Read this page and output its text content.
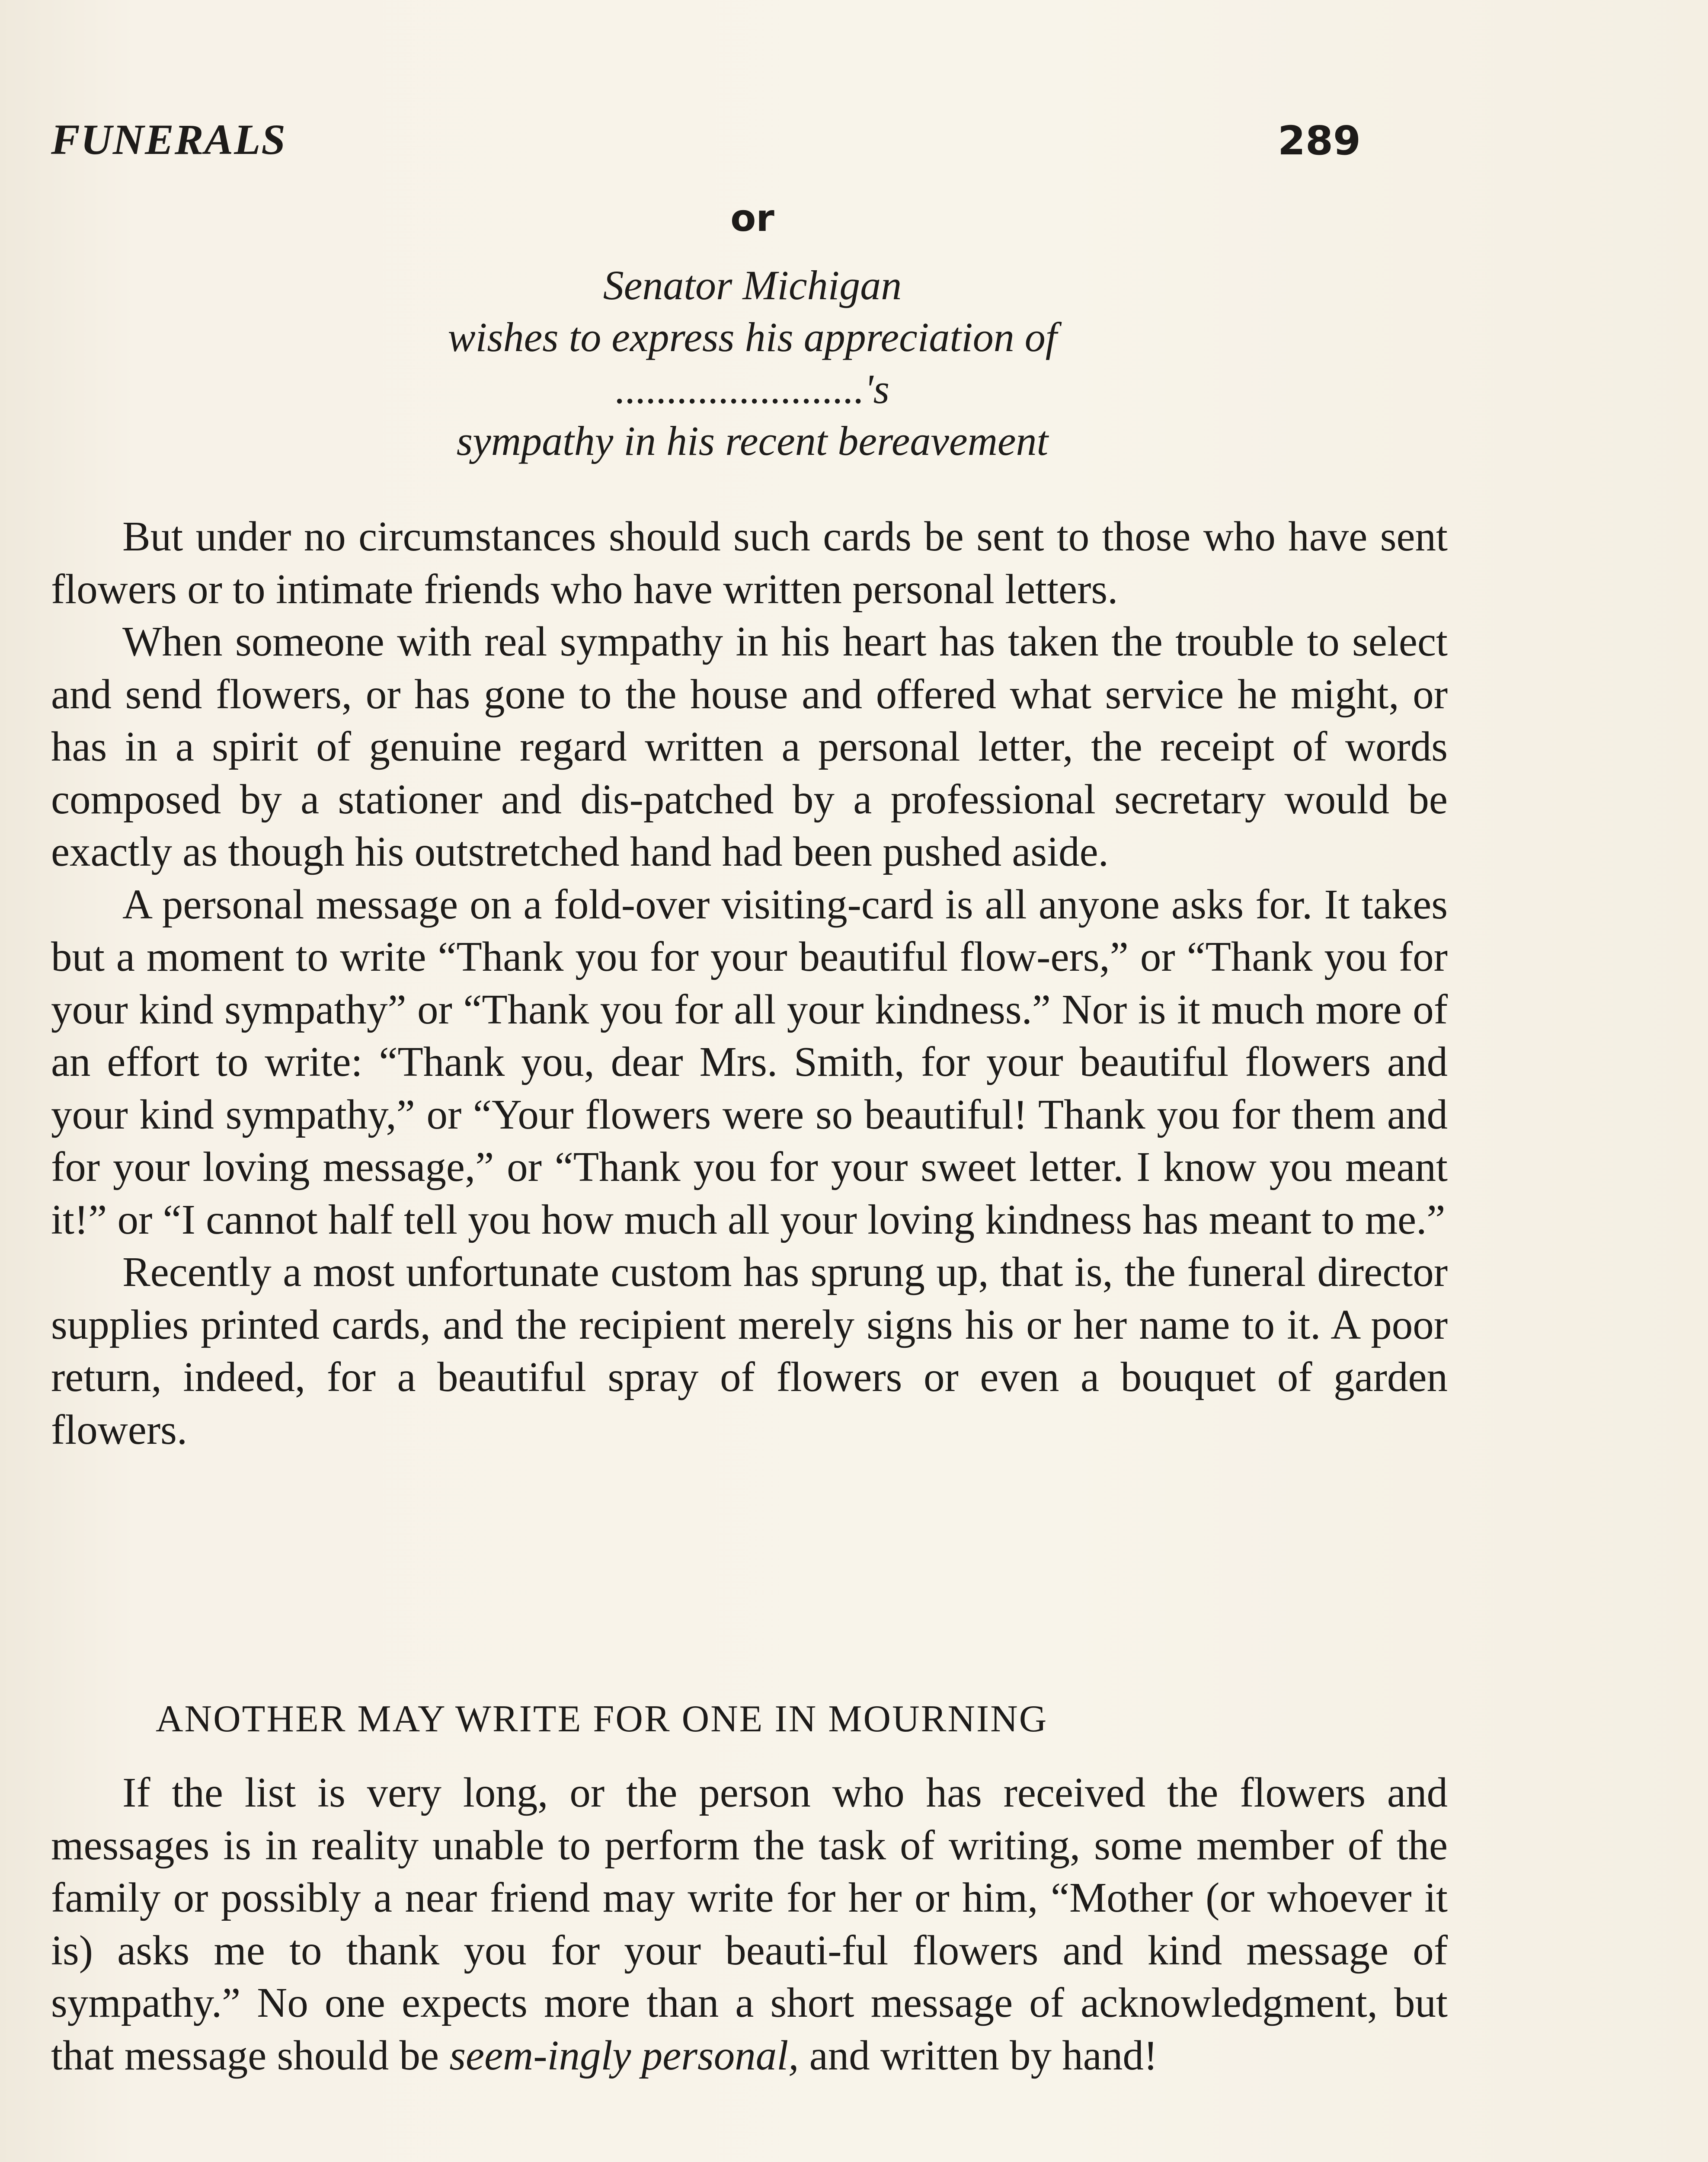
FUNERALS	289
or
Senator Michigan
wishes to express his appreciation of
........................'s
sympathy in his recent bereavement

But under no circumstances should such cards be sent to those who have sent flowers or to intimate friends who have written personal letters.

When someone with real sympathy in his heart has taken the trouble to select and send flowers, or has gone to the house and offered what service he might, or has in a spirit of genuine regard written a personal letter, the receipt of words composed by a stationer and dis-patched by a professional secretary would be exactly as though his outstretched hand had been pushed aside.

A personal message on a fold-over visiting-card is all anyone asks for. It takes but a moment to write “Thank you for your beautiful flow-ers,” or “Thank you for your kind sympathy” or “Thank you for all your kindness.” Nor is it much more of an effort to write: “Thank you, dear Mrs. Smith, for your beautiful flowers and your kind sympathy,” or “Your flowers were so beautiful! Thank you for them and for your loving message,” or “Thank you for your sweet letter. I know you meant it!” or “I cannot half tell you how much all your loving kindness has meant to me.”

Recently a most unfortunate custom has sprung up, that is, the funeral director supplies printed cards, and the recipient merely signs his or her name to it. A poor return, indeed, for a beautiful spray of flowers or even a bouquet of garden flowers.

ANOTHER MAY WRITE FOR ONE IN MOURNING

If the list is very long, or the person who has received the flowers and messages is in reality unable to perform the task of writing, some member of the family or possibly a near friend may write for her or him, “Mother (or whoever it is) asks me to thank you for your beauti-ful flowers and kind message of sympathy.” No one expects more than a short message of acknowledgment, but that message should be seem-ingly personal, and written by hand!
